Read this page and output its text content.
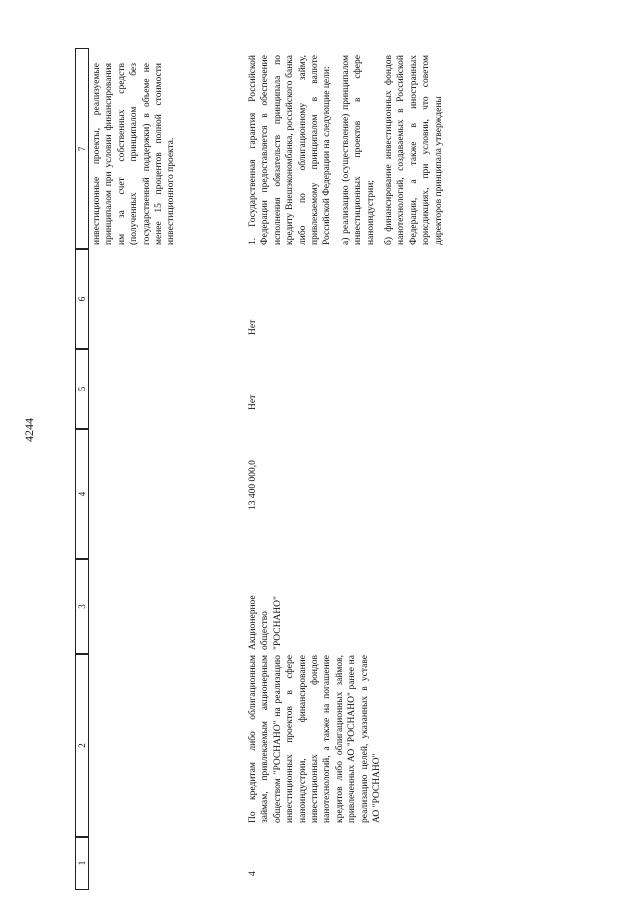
4244
1
2
3
4
5
6
7 инвестиционные проекты, реализуемые принципалом при условии финансирования им за счет собственных средств (полученных принципалом без государственной поддержки) в объеме не менее 15 процентов полной стоимости инвестиционного проекта.
4
По кредитам либо облигационным займам, привлекаемым акционерным обществом "РОСНАНО" на реализацию инвестиционных проектов в сфере наноиндустрии, финансирование инвестиционных фондов нанотехнологий, а также на погашение кредитов либо облигационных займов, привлеченных АО "РОСНАНО" ранее на реализацию целей, указанных в уставе АО "РОСНАНО"
Акционерное общество "РОСНАНО"
13 400 000,0
Нет
Нет

1. Государственная гарантия Российской Федерации предоставляется в обеспечение исполнения обязательств принципала по кредиту Внешэкономбанка, российского банка либо по облигационному займу, привлекаемому принципалом в валюте Российской Федерации на следующие цели: а) реализацию (осуществление) принципалом инвестиционных проектов в сфере наноиндустрии; б) финансирование инвестиционных фондов нанотехнологий, создаваемых в Российской Федерации, а также в иностранных юрисдикциях, при условии, что советом директоров принципала утверждены
